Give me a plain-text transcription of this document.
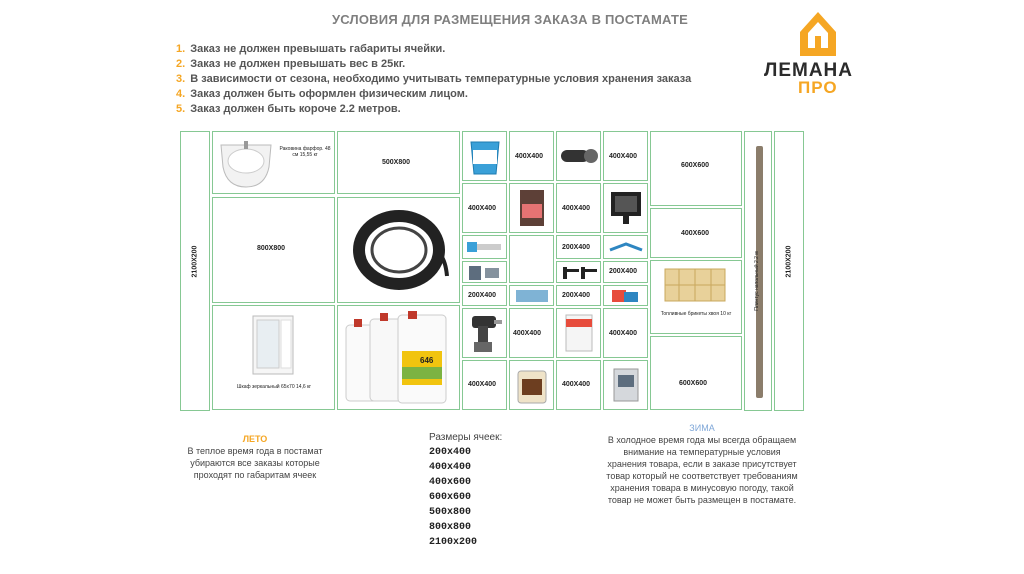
УСЛОВИЯ ДЛЯ РАЗМЕЩЕНИЯ ЗАКАЗА В ПОСТАМАТЕ
1. Заказ не должен превышать габариты ячейки.
2. Заказ не должен превышать вес в 25кг.
3. В зависимости от сезона, необходимо учитывать температурные условия хранения заказа
4. Заказ должен быть оформлен физическим лицом.
5. Заказ должен быть короче 2.2 метров.
ЛЕМАНА
ПРО
2100X200
Раковина фарфор. 48 см 15,55 кг
500X800
800X800
Шкаф зеркальный 65х70 14,6 кг
646
400X400
200X400
400X400
400X400
400X400
400X400
200X400
200X400
400X400
400X400
200X400
400X400
600X600
400X600
Топливные брикеты хвоя 10 кг
600X600
Плинтус напольный 2.2 м	2100X200
ЛЕТО
В теплое время года в постамат убираются все заказы которые проходят по габаритам ячеек
Размеры ячеек:
200x400
400x400
400x600
600x600
500x800
800x800
2100x200
ЗИМА
В холодное время года мы всегда обращаем внимание на температурные условия хранения товара, если в заказе присутствует товар который не соответствует требованиям хранения товара в минусовую погоду, такой товар не может быть размещен в постамате.
